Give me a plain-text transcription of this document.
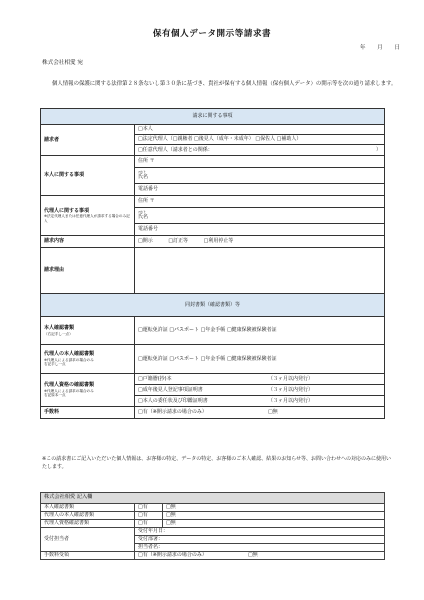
保有個人データ開示等請求書
年 月 日
株式会社相愛 宛
個人情報の保護に関する法律第２８条ないし第３０条に基づき、貴社が保有する個人情報（保有個人データ）の開示等を次の通り請求します。
請求に関する事項	
請求者	□本人
	□法定代理人（□親権者 □後見人（成年・未成年） □保佐人 □補助人）
	□任意代理人（請求者との関係： ）

本人に関する事項	住所 〒

	ﾌﾘｶﾞﾅ
氏名
	電話番号
代理人に関する事項
※法定代理人または任意代理人が請求する場合のみ記入	住所 〒

	ﾌﾘｶﾞﾅ
氏名
	電話番号
請求内容	□開示 □訂正等 □利用停止等
請求理由	
同封書類（確認書類）等	
本人確認書類
（右記手し一点）	□運転免許証 □パスポート □年金手帳 □健康保険被保険者証
代理人の本人確認書類
※代理人による請求の場合のみ
右記手し一点	□運転免許証 □パスポート □年金手帳 □健康保険被保険者証
代理人資格の確認書類
※代理人による請求の場合のみ
右記原本一点	□戸籍謄(抄)本 （３ヶ月以内発行）
	□成年後見人登記事項証明書 （３ヶ月以内発行）
	□本人の委任状及び印鑑証明書 （３ヶ月以内発行）
手数料	□有（※開示請求の場合のみ） □無
※この請求書にご記入いただいた個人情報は、お客様の特定、データの特定、お客様のご本人確認、結果のお知らせ等、お問い合わせへの対応のみに使用いたします。
株式会社相愛 記入欄		
本人確認書類	□有	□無
代理人の本人確認書類	□有	□無
代理人資格確認書類	□有	□無
受付担当者	受付年月日：	
	受付部署：	
	担当者名：	
手数料受領	□有（※開示請求の場合のみ） □無	
